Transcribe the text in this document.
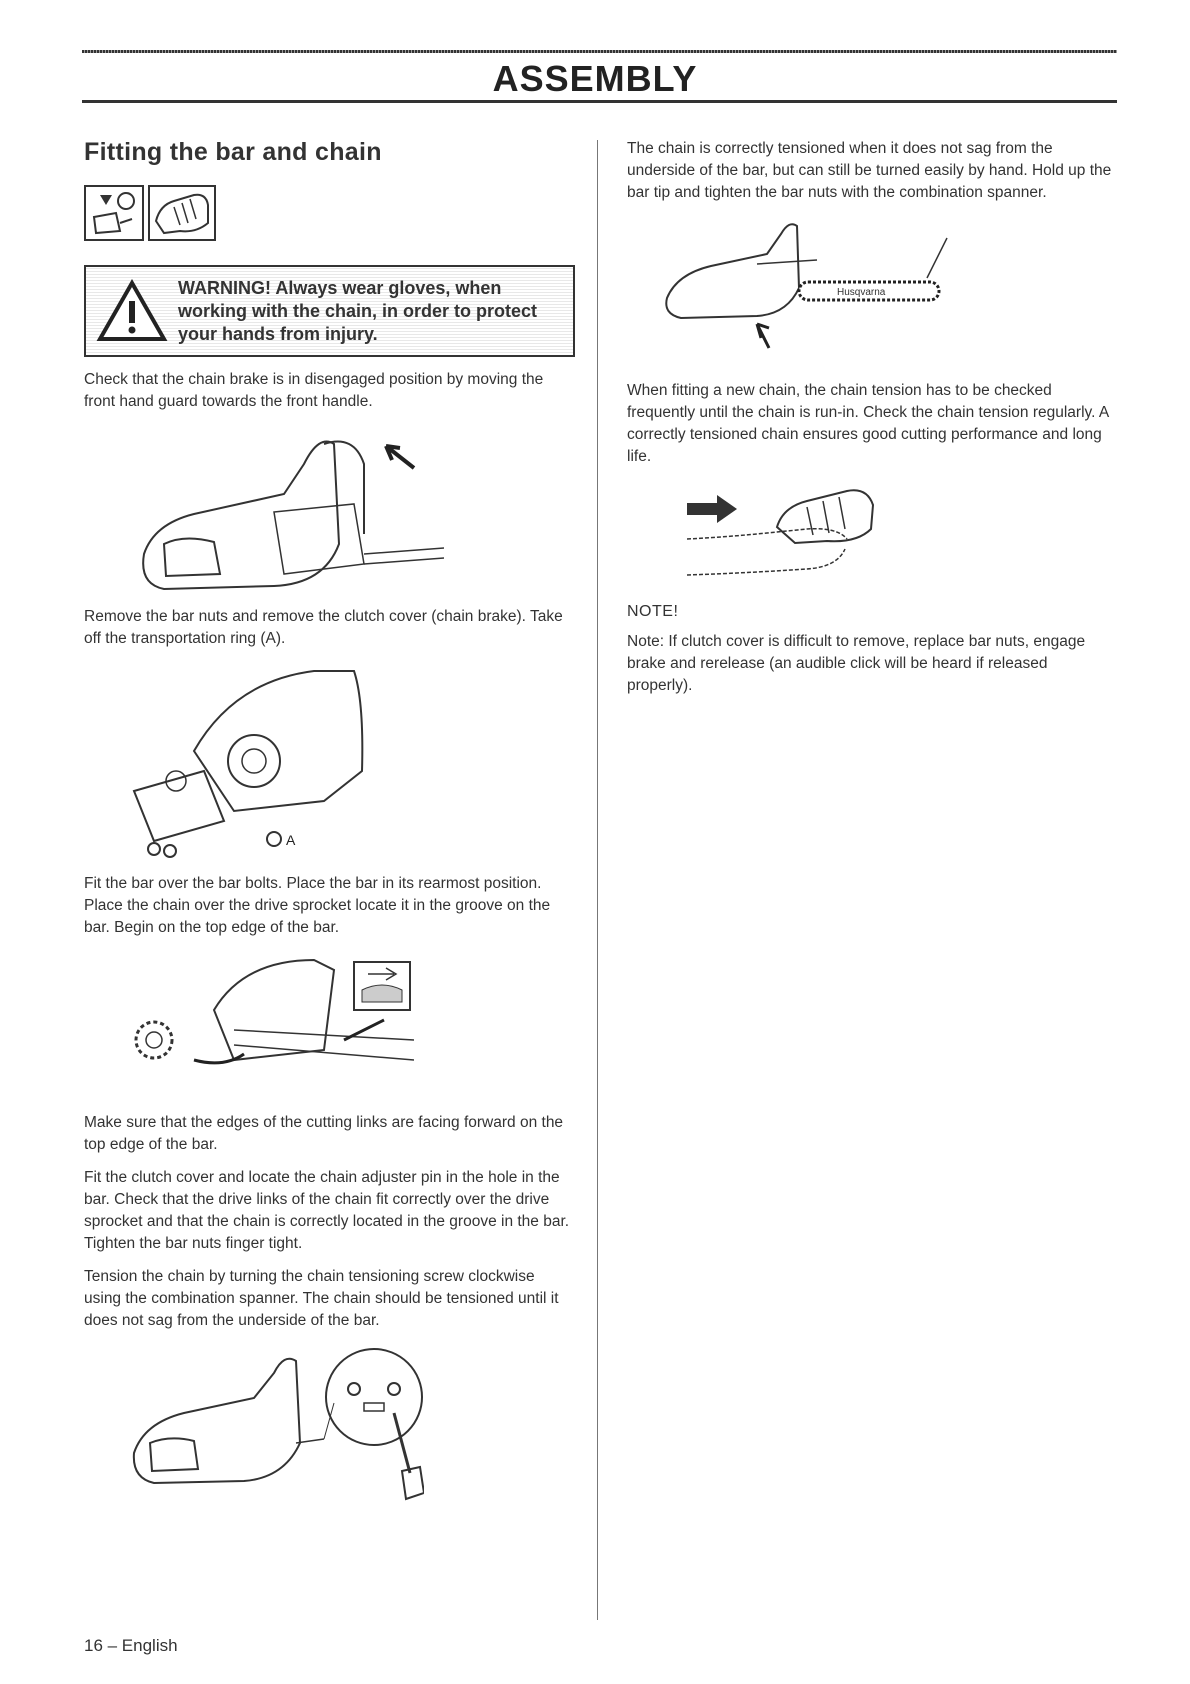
ASSEMBLY
Fitting the bar and chain
WARNING! Always wear gloves, when working with the chain, in order to protect your hands from injury.

Check that the chain brake is in disengaged position by moving the front hand guard towards the front handle.

Remove the bar nuts and remove the clutch cover (chain brake). Take off the transportation ring (A).

A

Fit the bar over the bar bolts. Place the bar in its rearmost position. Place the chain over the drive sprocket locate it in the groove on the bar. Begin on the top edge of the bar.

Make sure that the edges of the cutting links are facing forward on the top edge of the bar.

Fit the clutch cover and locate the chain adjuster pin in the hole in the bar. Check that the drive links of the chain fit correctly over the drive sprocket and that the chain is correctly located in the groove in the bar. Tighten the bar nuts finger tight.

Tension the chain by turning the chain tensioning screw clockwise using the combination spanner. The chain should be tensioned until it does not sag from the underside of the bar.

The chain is correctly tensioned when it does not sag from the underside of the bar, but can still be turned easily by hand. Hold up the bar tip and tighten the bar nuts with the combination spanner.

Husqvarna

When fitting a new chain, the chain tension has to be checked frequently until the chain is run-in. Check the chain tension regularly. A correctly tensioned chain ensures good cutting performance and long life.

NOTE!

Note: If clutch cover is difficult to remove, replace bar nuts, engage brake and rerelease (an audible click will be heard if released properly).

16 – English
